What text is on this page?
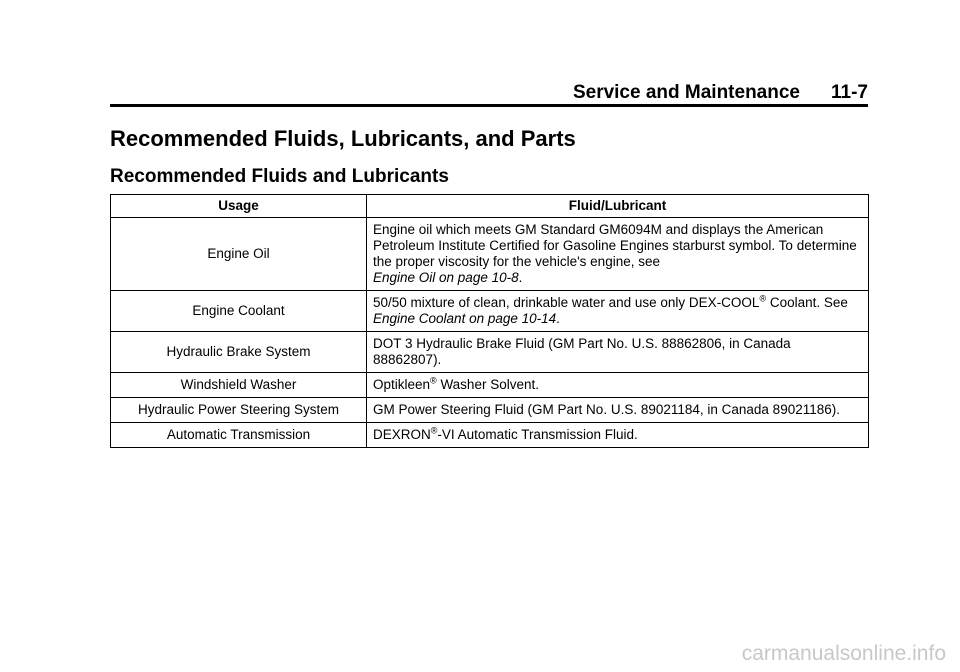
Service and Maintenance 11-7
Recommended Fluids, Lubricants, and Parts
Recommended Fluids and Lubricants
Usage	Fluid/Lubricant
Engine Oil	Engine oil which meets GM Standard GM6094M and displays the American Petroleum Institute Certified for Gasoline Engines starburst symbol. To determine the proper viscosity for the vehicle's engine, see
Engine Oil on page 10-8.
Engine Coolant	50/50 mixture of clean, drinkable water and use only DEX-COOL® Coolant. See Engine Coolant on page 10-14.
Hydraulic Brake System	DOT 3 Hydraulic Brake Fluid (GM Part No. U.S. 88862806, in Canada 88862807).
Windshield Washer	Optikleen® Washer Solvent.
Hydraulic Power Steering System	GM Power Steering Fluid (GM Part No. U.S. 89021184, in Canada 89021186).
Automatic Transmission	DEXRON®-VI Automatic Transmission Fluid.
carmanualsonline.info
